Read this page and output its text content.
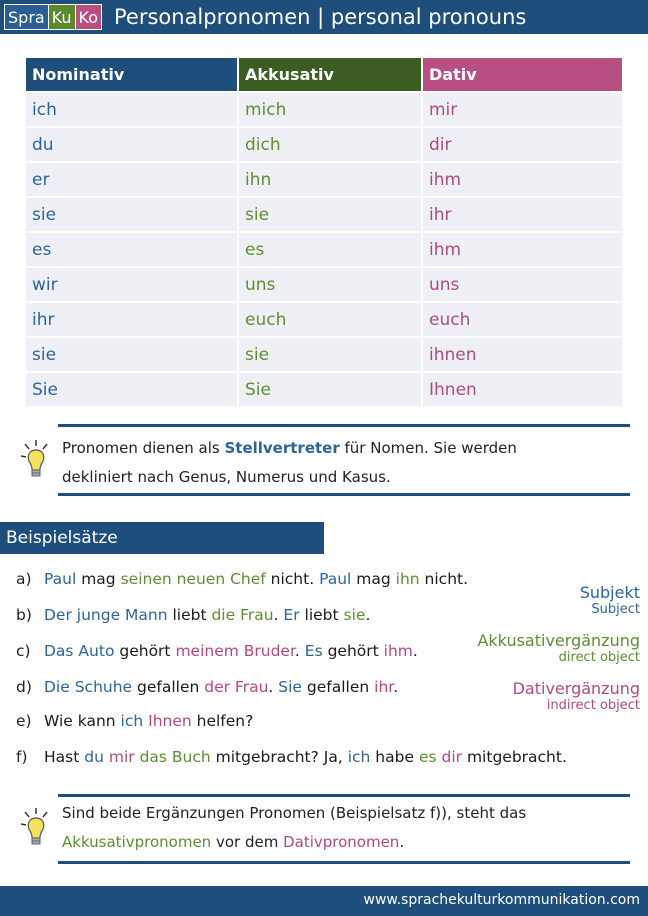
Spra Ku Ko Personalpronomen | personal pronouns
Nominativ	Akkusativ	Dativ
ich	mich	mir
du	dich	dir
er	ihn	ihm
sie	sie	ihr
es	es	ihm
wir	uns	uns
ihr	euch	euch
sie	sie	ihnen
Sie	Sie	Ihnen
Pronomen dienen als Stellvertreter für Nomen. Sie werden
dekliniert nach Genus, Numerus und Kasus.
Beispielsätze
a) Paul mag seinen neuen Chef nicht. Paul mag ihn nicht.
b) Der junge Mann liebt die Frau. Er liebt sie.
c) Das Auto gehört meinem Bruder. Es gehört ihm.
d) Die Schuhe gefallen der Frau. Sie gefallen ihr.
e) Wie kann ich Ihnen helfen?
f) Hast du mir das Buch mitgebracht? Ja, ich habe es dir mitgebracht.
Subjekt
Subject
Akkusativergänzung
direct object
Dativergänzung
indirect object
Sind beide Ergänzungen Pronomen (Beispielsatz f)), steht das
Akkusativpronomen vor dem Dativpronomen.
www.sprachekulturkommunikation.com
